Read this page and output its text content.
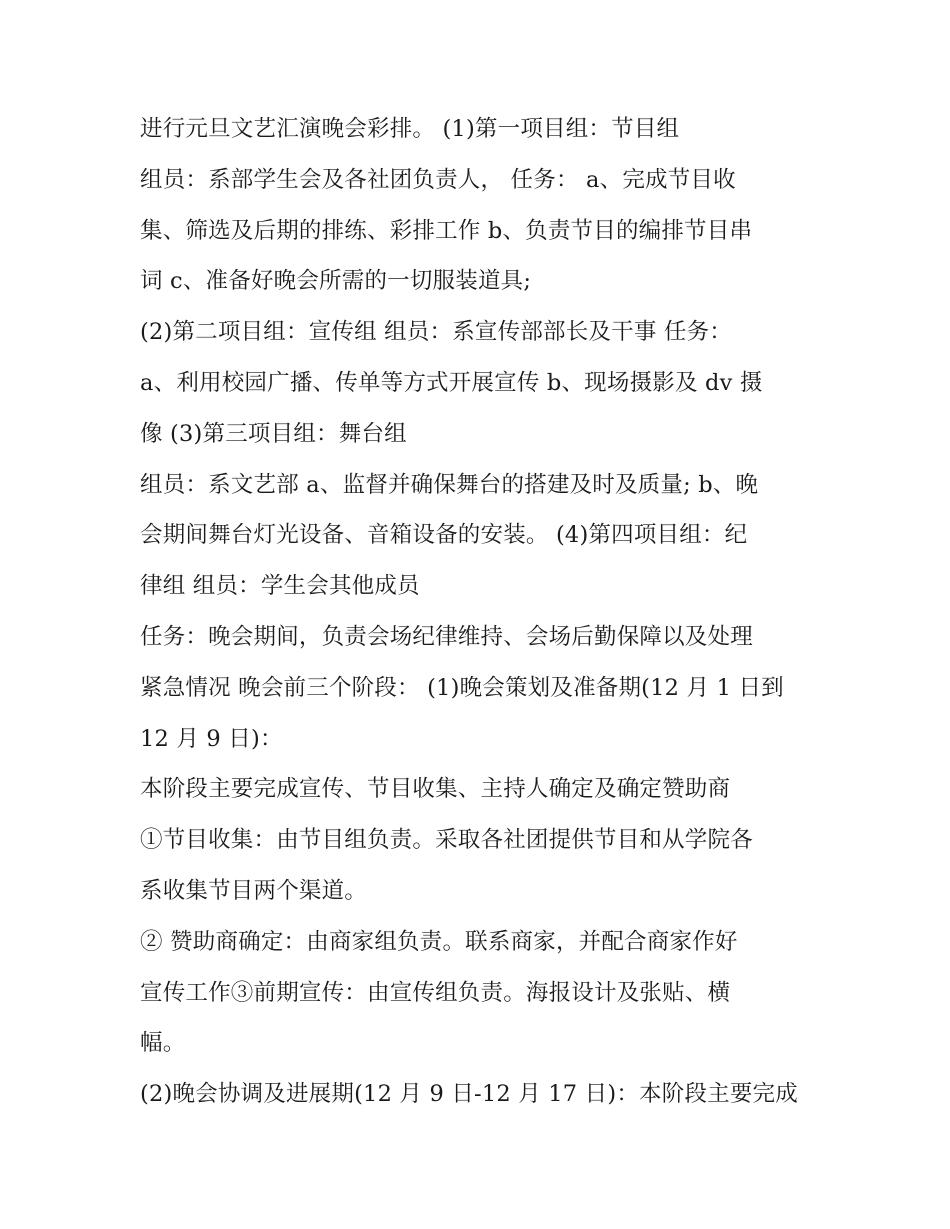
进行元旦文艺汇演晚会彩排。 (1)第一项目组：节目组
组员：系部学生会及各社团负责人， 任务： a、完成节目收
集、筛选及后期的排练、彩排工作 b、负责节目的编排节目串
词 c、准备好晚会所需的一切服装道具;
(2)第二项目组：宣传组 组员：系宣传部部长及干事 任务：
a、利用校园广播、传单等方式开展宣传 b、现场摄影及 dv 摄
像 (3)第三项目组：舞台组
组员：系文艺部 a、监督并确保舞台的搭建及时及质量; b、晚
会期间舞台灯光设备、音箱设备的安装。 (4)第四项目组：纪
律组 组员：学生会其他成员
任务：晚会期间，负责会场纪律维持、会场后勤保障以及处理
紧急情况 晚会前三个阶段： (1)晚会策划及准备期(12 月 1 日到
12 月 9 日)：
本阶段主要完成宣传、节目收集、主持人确定及确定赞助商
①节目收集：由节目组负责。采取各社团提供节目和从学院各
系收集节目两个渠道。
② 赞助商确定：由商家组负责。联系商家，并配合商家作好
宣传工作③前期宣传：由宣传组负责。海报设计及张贴、横
幅。
(2)晚会协调及进展期(12 月 9 日-12 月 17 日)：本阶段主要完成
